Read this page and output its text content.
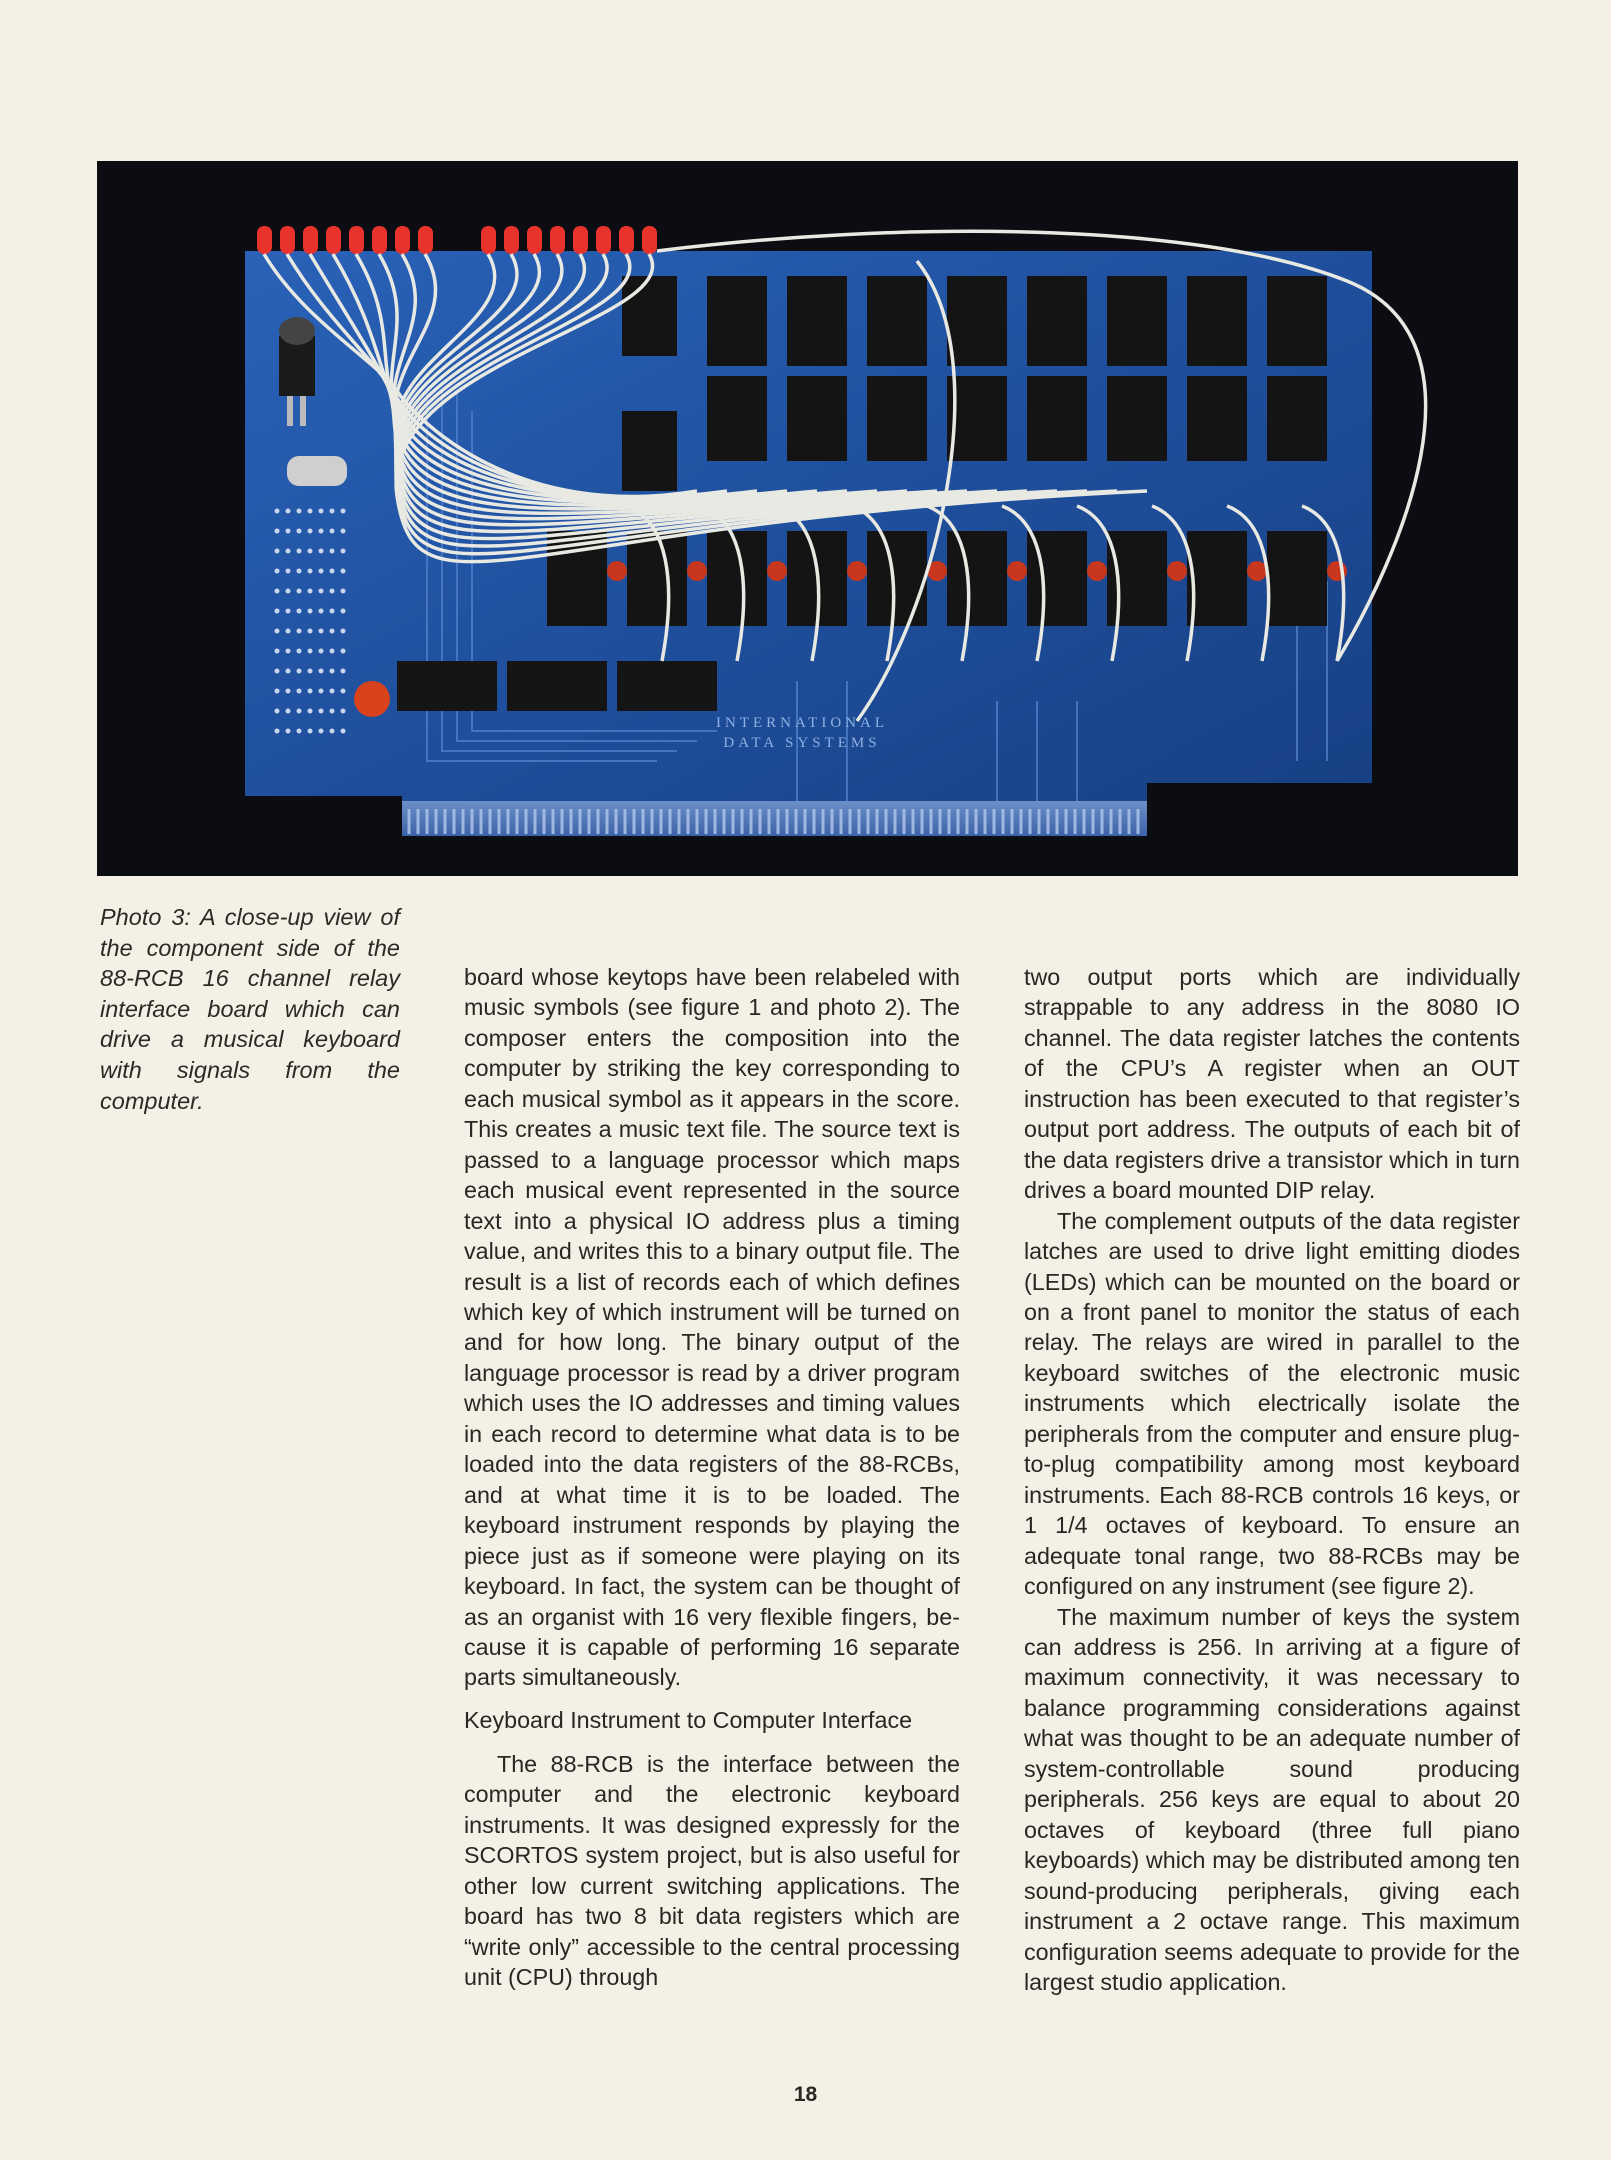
INTERNATIONAL
DATA SYSTEMS
Photo 3: A close-up view of the component side of the 88-RCB 16 channel relay interface board which can drive a musical keyboard with signals from the computer.

board whose keytops have been relabeled with music symbols (see figure 1 and photo 2). The composer enters the composition into the computer by striking the key corresponding to each musical symbol as it appears in the score. This creates a music text file. The source text is passed to a language processor which maps each musical event represented in the source text into a physical IO address plus a timing value, and writes this to a binary output file. The result is a list of records each of which defines which key of which instrument will be turned on and for how long. The binary output of the language processor is read by a driver program which uses the IO addresses and timing values in each record to determine what data is to be loaded into the data registers of the 88-RCBs, and at what time it is to be loaded. The keyboard instrument responds by playing the piece just as if someone were playing on its keyboard. In fact, the system can be thought of as an organist with 16 very flexible fingers, because it is capable of performing 16 separate parts simultaneously.

Keyboard Instrument to Computer Interface

The 88-RCB is the interface between the computer and the electronic keyboard instruments. It was designed expressly for the SCORTOS system project, but is also useful for other low current switching applications. The board has two 8 bit data registers which are “write only” accessible to the central processing unit (CPU) through

two output ports which are individually strappable to any address in the 8080 IO channel. The data register latches the contents of the CPU’s A register when an OUT instruction has been executed to that register’s output port address. The outputs of each bit of the data registers drive a transistor which in turn drives a board mounted DIP relay.

The complement outputs of the data register latches are used to drive light emitting diodes (LEDs) which can be mounted on the board or on a front panel to monitor the status of each relay. The relays are wired in parallel to the keyboard switches of the electronic music instruments which electrically isolate the peripherals from the computer and ensure plug-to-plug compatibility among most keyboard instruments. Each 88-RCB controls 16 keys, or 1 1/4 octaves of keyboard. To ensure an adequate tonal range, two 88-RCBs may be configured on any instrument (see figure 2).

The maximum number of keys the system can address is 256. In arriving at a figure of maximum connectivity, it was necessary to balance programming considerations against what was thought to be an adequate number of system-controllable sound producing peripherals. 256 keys are equal to about 20 octaves of keyboard (three full piano keyboards) which may be distributed among ten sound-producing peripherals, giving each instrument a 2 octave range. This maximum configuration seems adequate to provide for the largest studio application.

18
